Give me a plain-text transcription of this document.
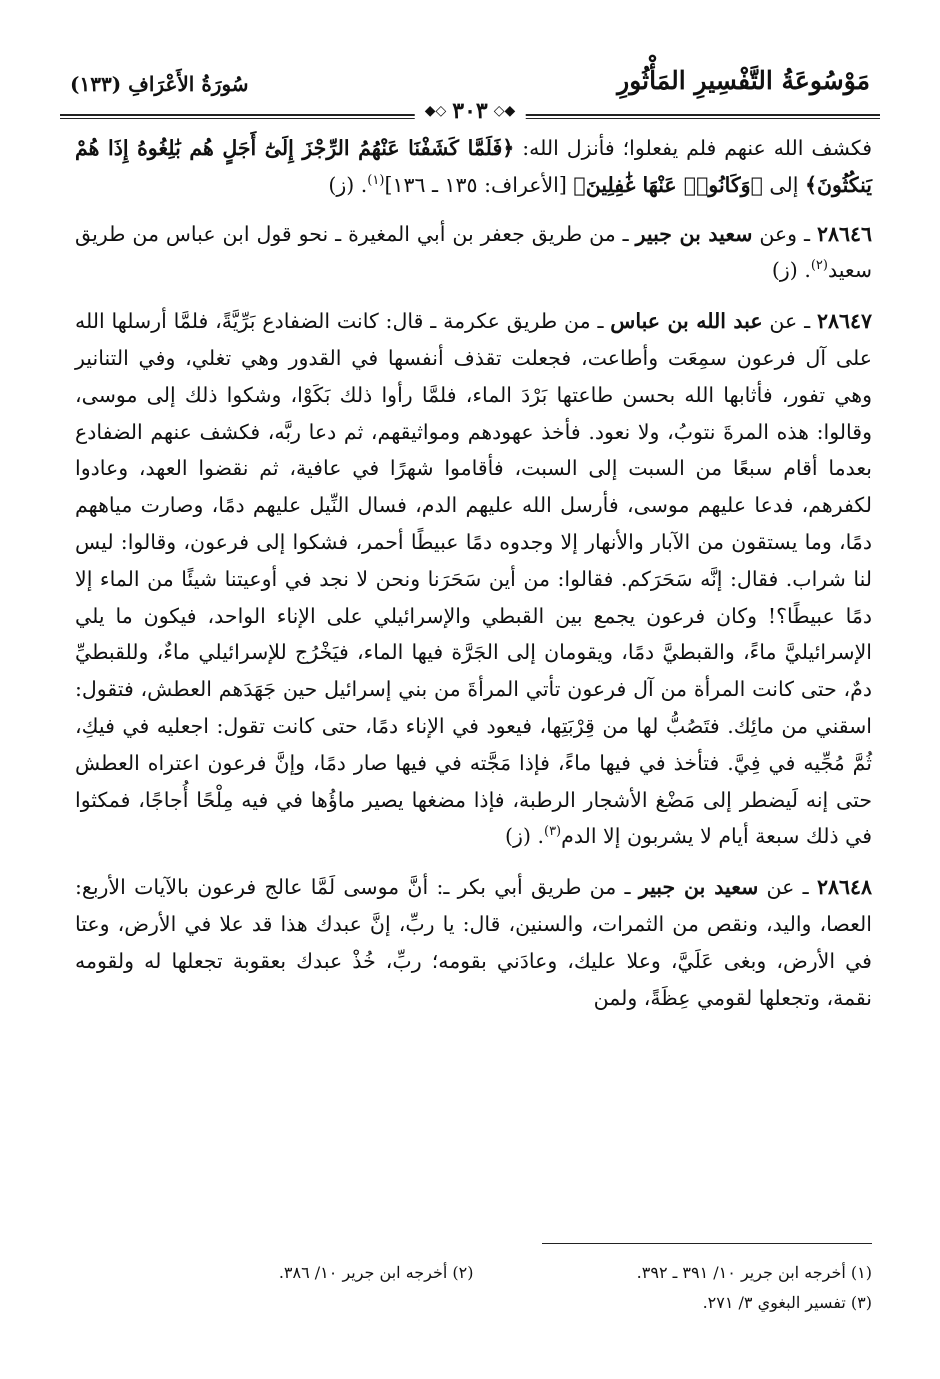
مَوْسُوعَةُ التَّفْسِيرِ المَأْثُورِ
سُورَةُ الأَعْرَافِ (١٣٣)
◆◇
٣٠٣
◇◆

فكشف الله عنهم فلم يفعلوا؛ فأنزل الله: ﴿فَلَمَّا كَشَفْنَا عَنْهُمُ الرِّجْزَ إِلَىٰٓ أَجَلٍ هُم بَٰلِغُوهُ إِذَا هُمْ يَنكُثُونَ﴾ إلى ﴿وَكَانُوا۟ عَنْهَا غَٰفِلِينَ﴾ [الأعراف: ١٣٥ ـ ١٣٦]$^{(١)}$. (ز)

٢٨٦٤٦ ـ وعن سعيد بن جبير ـ من طريق جعفر بن أبي المغيرة ـ نحو قول ابن عباس من طريق سعيد$^{(٢)}$. (ز)

٢٨٦٤٧ ـ عن عبد الله بن عباس ـ من طريق عكرمة ـ قال: كانت الضفادع بَرِّيَّةً، فلمَّا أرسلها الله على آل فرعون سمِعَت وأطاعت، فجعلت تقذف أنفسها في القدور وهي تغلي، وفي التنانير وهي تفور، فأثابها الله بحسن طاعتها بَرْدَ الماء، فلمَّا رأوا ذلك بَكَوْا، وشكوا ذلك إلى موسى، وقالوا: هذه المرةَ نتوبُ، ولا نعود. فأخذ عهودهم ومواثيقهم، ثم دعا ربَّه، فكشف عنهم الضفادع بعدما أقام سبعًا من السبت إلى السبت، فأقاموا شهرًا في عافية، ثم نقضوا العهد، وعادوا لكفرهم، فدعا عليهم موسى، فأرسل الله عليهم الدم، فسال النِّيل عليهم دمًا، وصارت مياههم دمًا، وما يستقون من الآبار والأنهار إلا وجدوه دمًا عبيطًا أحمر، فشكوا إلى فرعون، وقالوا: ليس لنا شراب. فقال: إنَّه سَحَرَكم. فقالوا: من أين سَحَرَنا ونحن لا نجد في أوعيتنا شيئًا من الماء إلا دمًا عبيطًا؟! وكان فرعون يجمع بين القبطي والإسرائيلي على الإناء الواحد، فيكون ما يلي الإسرائيليَّ ماءً، والقبطيَّ دمًا، ويقومان إلى الجَرَّة فيها الماء، فيَخْرُج للإسرائيلي ماءٌ، وللقبطيِّ دمٌ، حتى كانت المرأة من آل فرعون تأتي المرأةَ من بني إسرائيل حين جَهَدَهم العطش، فتقول: اسقني من مائِك. فتَصُبُّ لها من قِرْبَتِها، فيعود في الإناء دمًا، حتى كانت تقول: اجعليه في فيكِ، ثُمَّ مُجِّيه في فِيَّ. فتأخذ في فيها ماءً، فإذا مَجَّته في فيها صار دمًا، وإنَّ فرعون اعتراه العطش حتى إنه لَيضطر إلى مَضْغ الأشجار الرطبة، فإذا مضغها يصير ماؤُها في فيه مِلْحًا أُجاجًا، فمكثوا في ذلك سبعة أيام لا يشربون إلا الدم$^{(٣)}$. (ز)

٢٨٦٤٨ ـ عن سعيد بن جبير ـ من طريق أبي بكر ـ: أنَّ موسى لَمَّا عالج فرعون بالآيات الأربع: العصا، واليد، ونقص من الثمرات، والسنين، قال: يا ربِّ، إنَّ عبدك هذا قد علا في الأرض، وعتا في الأرض، وبغى عَلَيَّ، وعلا عليك، وعادَني بقومه؛ ربِّ، خُذْ عبدك بعقوبة تجعلها له ولقومه نقمة، وتجعلها لقومي عِظَةً، ولمن

(١) أخرجه ابن جرير ١٠/ ٣٩١ ـ ٣٩٢.
(٢) أخرجه ابن جرير ١٠/ ٣٨٦.
(٣) تفسير البغوي ٣/ ٢٧١.
